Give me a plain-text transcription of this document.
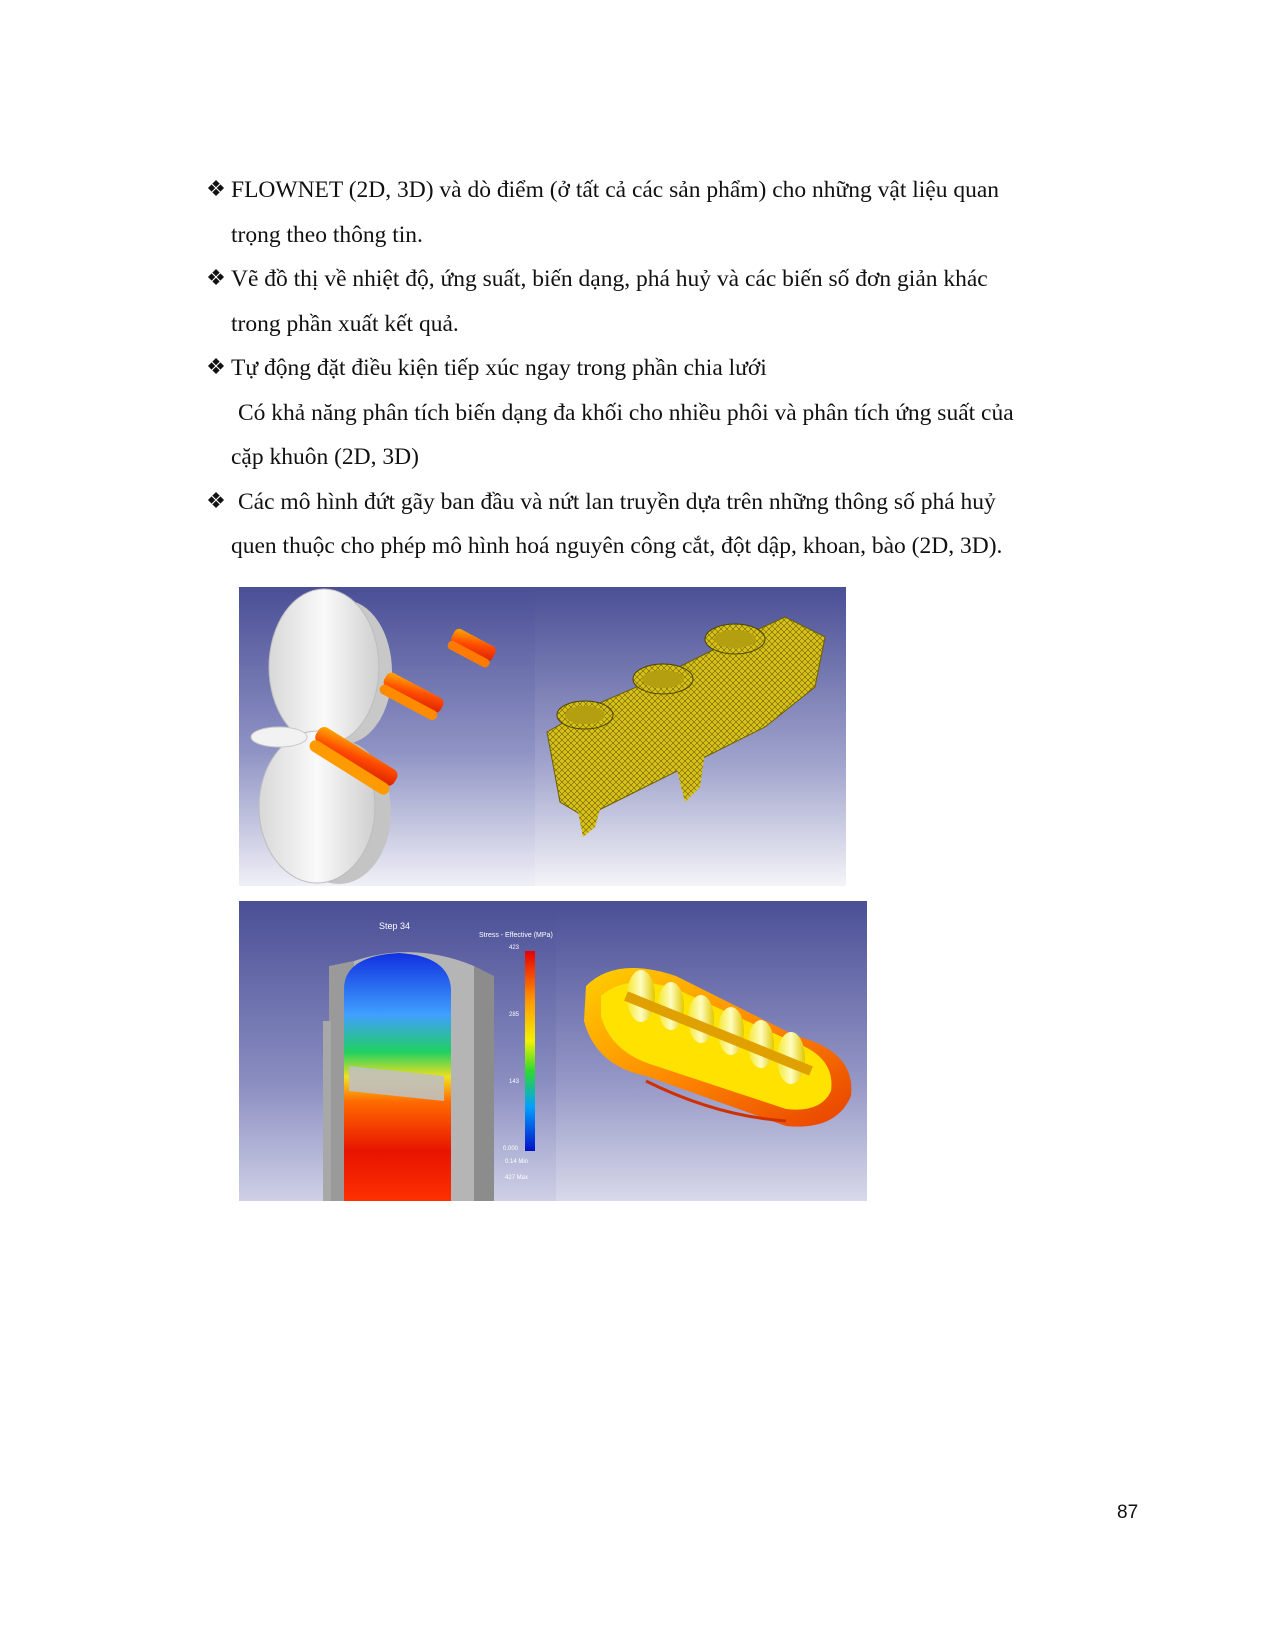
❖ FLOWNET (2D, 3D) và dò điểm (ở tất cả các sản phẩm) cho những vật liệu quan
trọng theo thông tin.
❖ Vẽ đồ thị về nhiệt độ, ứng suất, biến dạng, phá huỷ và các biến số đơn giản khác
trong phần xuất kết quả.
❖ Tự động đặt điều kiện tiếp xúc ngay trong phần chia lưới
Có khả năng phân tích biến dạng đa khối cho nhiều phôi và phân tích ứng suất của
cặp khuôn (2D, 3D)
❖ Các mô hình đứt gãy ban đầu và nứt lan truyền dựa trên những thông số phá huỷ
quen thuộc cho phép mô hình hoá nguyên công cắt, đột dập, khoan, bào (2D, 3D).
Step 34
Stress - Effective (MPa)
423
285
143
0.000
0.14 Min
427 Max
87
